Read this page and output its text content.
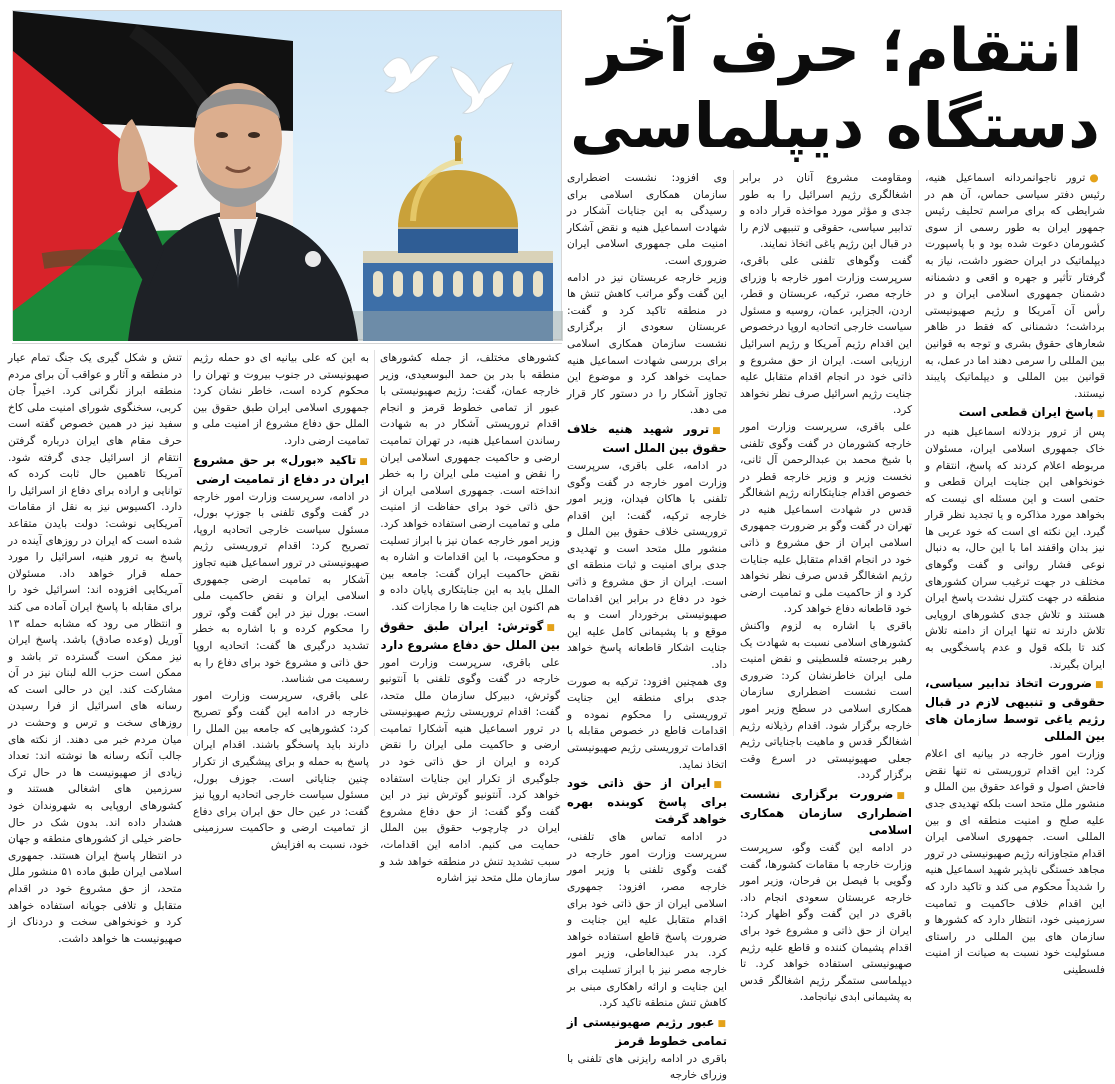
انتقام؛ حرف آخر
دستگاه دیپلماسی
●ترور ناجوانمردانه اسماعیل هنیه، رئیس دفتر سیاسی حماس، آن هم در شرایطی که برای مراسم تحلیف رئیس جمهور ایران به طور رسمی از سوی کشورمان دعوت شده بود و با پاسپورت دیپلماتیک در ایران حضور داشت، نیاز به گرفتار تأثیر و جهره و اقعی و دشمنانه دشمنان جمهوری اسلامی ایران و در رأس آن آمریکا و رژیم صهیونیستی برداشت؛ دشمنانی که فقط در ظاهر شعارهای حقوق بشری و توجه به قوانین بین المللی را سرمی دهند اما در عمل، به قوانین بین المللی و دیپلماتیک پایبند نیستند.
■پاسخ ایران قطعی است
پس از ترور بزدلانه اسماعیل هنیه در خاک جمهوری اسلامی ایران، مسئولان مربوطه اعلام کردند که پاسخ، انتقام و خونخواهی این جنایت ایران قطعی و حتمی است و این مسئله ای نیست که بخواهد مورد مذاکره و یا تجدید نظر قرار گیرد. این نکته ای است که خود عربی ها نیز بدان واقفند اما با این حال، به دنبال نوعی فشار روانی و گفت وگوهای مختلف در جهت ترغیب سران کشورهای منطقه در جهت کنترل نشدت پاسخ ایران هستند و تلاش جدی کشورهای اروپایی تلاش دارند نه تنها ایران از دامنه تلاش کند تا بلکه قول و عدم پاسخگویی به ایران بگیرند.
■ضرورت اتخاذ تدابیر سیاسی، حقوقی و تنبیهی لازم در قبال رژیم یاغی توسط سازمان های بین المللی
وزارت امور خارجه در بیانیه ای اعلام کرد: این اقدام تروریستی نه تنها نقض فاحش اصول و قواعد حقوق بین الملل و منشور ملل متحد است بلکه تهدیدی جدی علیه صلح و امنیت منطقه ای و بین المللی است. جمهوری اسلامی ایران اقدام متجاوزانه رژیم صهیونیستی در ترور مجاهد خستگی ناپذیر شهید اسماعیل هنیه را شدیداً محکوم می کند و تاکید دارد که این اقدام خلاف حاکمیت و تمامیت سرزمینی خود، انتظار دارد که کشورها و سازمان های بین المللی در راستای مسئولیت خود نسبت به صیانت از امنیت فلسطینی
ومقاومت مشروع آنان در برابر اشغالگری رژیم اسرائیل را به طور جدی و مؤثر مورد مواخذه قرار داده و تدابیر سیاسی، حقوقی و تنبیهی لازم را در قبال این رژیم یاغی اتخاذ نمایند.
گفت وگوهای تلفنی علی باقری، سرپرست وزارت امور خارجه با وزرای خارجه مصر، ترکیه، عربستان و قطر، اردن، الجزایر، عمان، روسیه و مسئول سیاست خارجی اتحادیه اروپا درخصوص این اقدام رژیم آمریکا و رژیم اسرائیل ارزیابی است. ایران از حق مشروع و ذاتی خود در انجام اقدام متقابل علیه جنایت رژیم اسرائیل صرف نظر نخواهد کرد.
علی باقری، سرپرست وزارت امور خارجه کشورمان در گفت وگوی تلفنی با شیخ محمد بن عبدالرحمن آل ثانی، نخست وزیر و وزیر خارجه قطر در خصوص اقدام جنایتکارانه رژیم اشغالگر قدس در شهادت اسماعیل هنیه در تهران در گفت وگو بر ضرورت جمهوری اسلامی ایران از حق مشروع و ذاتی خود در انجام اقدام متقابل علیه جنایات رژیم اشغالگر قدس صرف نظر نخواهد کرد و از حاکمیت ملی و تمامیت ارضی خود قاطعانه دفاع خواهد کرد.
باقری با اشاره به لزوم واکنش کشورهای اسلامی نسبت به شهادت یک رهبر برجسته فلسطینی و نقض امنیت ملی ایران خاطرنشان کرد: ضروری است نشست اضطراری سازمان همکاری اسلامی در سطح وزیر امور خارجه برگزار شود. اقدام رذیلانه رژیم اشغالگر قدس و ماهیت باجنایاتی رژیم جعلی صهیونیستی در اسرع وقت برگزار گردد.
■ضرورت برگزاری نشست اضطراری سازمان همکاری اسلامی
در ادامه این گفت وگو، سرپرست وزارت خارجه با مقامات کشورها، گفت وگویی با فیصل بن فرحان، وزیر امور خارجه عربستان سعودی انجام داد. باقری در این گفت وگو اظهار کرد: ایران از حق ذاتی و مشروع خود برای اقدام پشیمان کننده و قاطع علیه رژیم صهیونیستی استفاده خواهد کرد. تا دیپلماسی ستمگر رژیم اشغالگر قدس به پشیمانی ابدی نیانجامد.
وی افزود: نشست اضطراری سازمان همکاری اسلامی برای رسیدگی به این جنایات آشکار در شهادت اسماعیل هنیه و نقض آشکار امنیت ملی جمهوری اسلامی ایران ضروری است.
وزیر خارجه عربستان نیز در ادامه این گفت وگو مراتب کاهش تنش ها در منطقه تاکید کرد و گفت: عربستان سعودی از برگزاری نشست سازمان همکاری اسلامی برای بررسی شهادت اسماعیل هنیه حمایت خواهد کرد و موضوع این تجاوز آشکار را در دستور کار قرار می دهد.
■ترور شهید هنیه خلاف حقوق بین الملل است
در ادامه، علی باقری، سرپرست وزارت امور خارجه در گفت وگوی تلفنی با هاکان فیدان، وزیر امور خارجه ترکیه، گفت: این اقدام تروریستی خلاف حقوق بین الملل و منشور ملل متحد است و تهدیدی جدی برای امنیت و ثبات منطقه ای است. ایران از حق مشروع و ذاتی خود در دفاع در برابر این اقدامات صهیونیستی برخوردار است و به موقع و با پشیمانی کامل علیه این جنایت اشکار قاطعانه پاسخ خواهد داد.
وی همچنین افزود: ترکیه به صورت جدی برای منطقه این جنایت تروریستی را محکوم نموده و اقدامات قاطع در خصوص مقابله با اقدامات تروریستی رژیم صهیونیستی اتخاذ نماید.
■ایران از حق ذاتی خود برای پاسخ کوبنده بهره خواهد گرفت
در ادامه تماس های تلفنی، سرپرست وزارت امور خارجه در گفت وگوی تلفنی با وزیر امور خارجه مصر، افزود: جمهوری اسلامی ایران از حق ذاتی خود برای اقدام متقابل علیه این جنایت و ضرورت پاسخ قاطع استفاده خواهد کرد. بدر عبدالعاطی، وزیر امور خارجه مصر نیز با ابراز تسلیت برای این جنایت و ارائه راهکاری مبنی بر کاهش تنش منطقه تاکید کرد.
■عبور رژیم صهیونیستی از تمامی خطوط قرمز
باقری در ادامه رایزنی های تلفنی با وزرای خارجه
کشورهای مختلف، از جمله کشورهای منطقه با بدر بن حمد البوسعیدی، وزیر خارجه عمان، گفت: رژیم صهیونیستی با عبور از تمامی خطوط قرمز و انجام اقدام تروریستی آشکار در به شهادت رساندن اسماعیل هنیه، در تهران تمامیت ارضی و حاکمیت جمهوری اسلامی ایران را نقض و امنیت ملی ایران را به خطر انداخته است. جمهوری اسلامی ایران از حق ذاتی خود برای حفاظت از امنیت ملی و تمامیت ارضی استفاده خواهد کرد.
وزیر امور خارجه عمان نیز با ابراز تسلیت و محکومیت، با این اقدامات و اشاره به نقض حاکمیت ایران گفت: جامعه بین الملل باید به این جنایتکاری پایان داده و هم اکنون این جنایت ها را مجازات کند.
■گوترش: ایران طبق حقوق بین الملل حق دفاع مشروع دارد
علی باقری، سرپرست وزارت امور خارجه در گفت وگوی تلفنی با آنتونیو گوترش، دبیرکل سازمان ملل متحد، گفت: اقدام تروریستی رژیم صهیونیستی در ترور اسماعیل هنیه آشکارا تمامیت ارضی و حاکمیت ملی ایران را نقض کرده و ایران از حق ذاتی خود در جلوگیری از تکرار این جنایات استفاده خواهد کرد. آنتونیو گوترش نیز در این گفت وگو گفت: از حق دفاع مشروع ایران در چارچوب حقوق بین الملل حمایت می کنیم. ادامه این اقدامات، سبب تشدید تنش در منطقه خواهد شد و سازمان ملل متحد نیز اشاره
به این که علی بیانیه ای دو حمله رژیم صهیونیستی در جنوب بیروت و تهران را محکوم کرده است، خاطر نشان کرد: جمهوری اسلامی ایران طبق حقوق بین الملل حق دفاع مشروع از امنیت ملی و تمامیت ارضی دارد.
■تاکید «بورل» بر حق مشروع ایران در دفاع از تمامیت ارضی
در ادامه، سرپرست وزارت امور خارجه در گفت وگوی تلفنی با جوزپ بورل، مسئول سیاست خارجی اتحادیه اروپا، تصریح کرد: اقدام تروریستی رژیم صهیونیستی در ترور اسماعیل هنیه تجاوز آشکار به تمامیت ارضی جمهوری اسلامی ایران و نقض حاکمیت ملی است. بورل نیز در این گفت وگو، ترور را محکوم کرده و با اشاره به خطر تشدید درگیری ها گفت: اتحادیه اروپا حق ذاتی و مشروع خود برای دفاع را به رسمیت می شناسد.
علی باقری، سرپرست وزارت امور خارجه در ادامه این گفت وگو تصریح کرد: کشورهایی که جامعه بین الملل را دارند باید پاسخگو باشند. اقدام ایران پاسخ به حمله و برای پیشگیری از تکرار چنین جنایاتی است. جوزف بورل، مسئول سیاست خارجی اتحادیه اروپا نیز گفت: در عین حال حق ایران برای دفاع از تمامیت ارضی و حاکمیت سرزمینی خود، نسبت به افزایش
تنش و شکل گیری یک جنگ تمام عیار در منطقه و آثار و عواقب آن برای مردم منطقه ابراز نگرانی کرد. اخیراً جان کربی، سخنگوی شورای امنیت ملی کاخ سفید نیز در همین خصوص گفته است حرف مقام های ایران درباره گرفتن انتقام از اسرائیل جدی گرفته شود. آمریکا تاهمین حال ثابت کرده که توانایی و اراده برای دفاع از اسرائیل را دارد. اکسیوس نیز به نقل از مقامات آمریکایی نوشت: دولت بایدن متقاعد شده است که ایران در روزهای آینده در پاسخ به ترور هنیه، اسرائیل را مورد حمله قرار خواهد داد. مسئولان آمریکایی افزوده اند: اسرائیل خود را برای مقابله با پاسخ ایران آماده می کند و انتظار می رود که مشابه حمله ۱۳ آوریل (وعده صادق) باشد. پاسخ ایران نیز ممکن است گسترده تر باشد و ممکن است حزب الله لبنان نیز در آن مشارکت کند. این در حالی است که رسانه های اسرائیل از فرا رسیدن روزهای سخت و ترس و وحشت در میان مردم خبر می دهند. از نکته های جالب آنکه رسانه ها نوشته اند: تعداد زیادی از صهیونیست ها در حال ترک سرزمین های اشغالی هستند و کشورهای اروپایی به شهروندان خود هشدار داده اند. بدون شک در حال حاضر خیلی از کشورهای منطقه و جهان در انتظار پاسخ ایران هستند. جمهوری اسلامی ایران طبق ماده ۵۱ منشور ملل متحد، از حق مشروع خود در اقدام متقابل و تلافی جویانه استفاده خواهد کرد و خونخواهی سخت و دردناک از صهیونیست ها خواهد داشت.
